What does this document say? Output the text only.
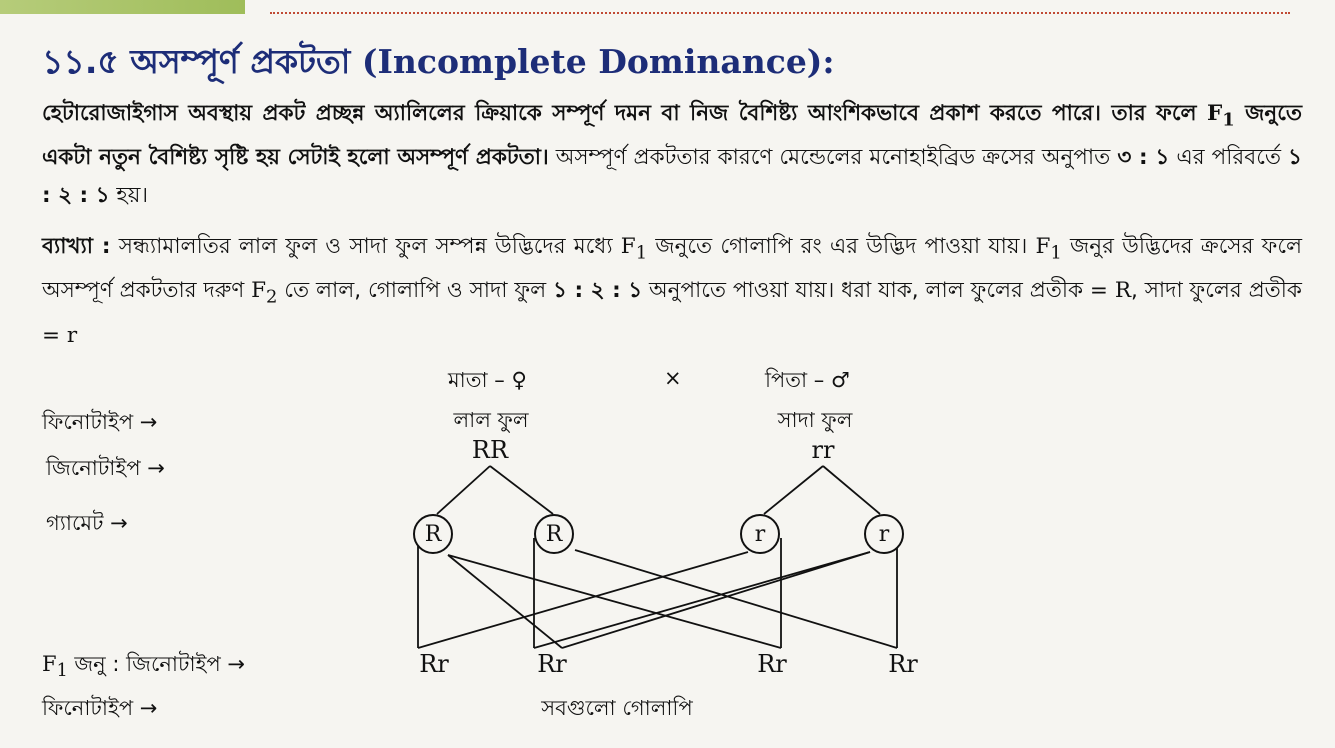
১১.৫ অসম্পূর্ণ প্রকটতা (Incomplete Dominance):
হেটারোজাইগাস অবস্থায় প্রকট প্রচ্ছন্ন অ্যালিলের ক্রিয়াকে সম্পূর্ণ দমন বা নিজ বৈশিষ্ট্য আংশিকভাবে প্রকাশ করতে পারে। তার ফলে $F_1$ জনুতে একটা নতুন বৈশিষ্ট্য সৃষ্টি হয় সেটাই হলো অসম্পূর্ণ প্রকটতা। অসম্পূর্ণ প্রকটতার কারণে মেন্ডেলের মনোহাইব্রিড ক্রসের অনুপাত ৩ : ১ এর পরিবর্তে ১ : ২ : ১ হয়।
ব্যাখ্যা : সন্ধ্যামালতির লাল ফুল ও সাদা ফুল সম্পন্ন উদ্ভিদের মধ্যে $F_1$ জনুতে গোলাপি রং এর উদ্ভিদ পাওয়া যায়। $F_1$ জনুর উদ্ভিদের ক্রসের ফলে অসম্পূর্ণ প্রকটতার দরুণ $F_2$ তে লাল, গোলাপি ও সাদা ফুল ১ : ২ : ১ অনুপাতে পাওয়া যায়। ধরা যাক, লাল ফুলের প্রতীক = R, সাদা ফুলের প্রতীক = r
মাতা – ♀	×	পিতা – ♂
ফিনোটাইপ →
জিনোটাইপ →
গ্যামেট →
লাল ফুল	সাদা ফুল
RR	rr
R	R	r	r
$F_1$ জনু : জিনোটাইপ →	Rr	Rr	Rr	Rr
ফিনোটাইপ →	সবগুলো গোলাপি
